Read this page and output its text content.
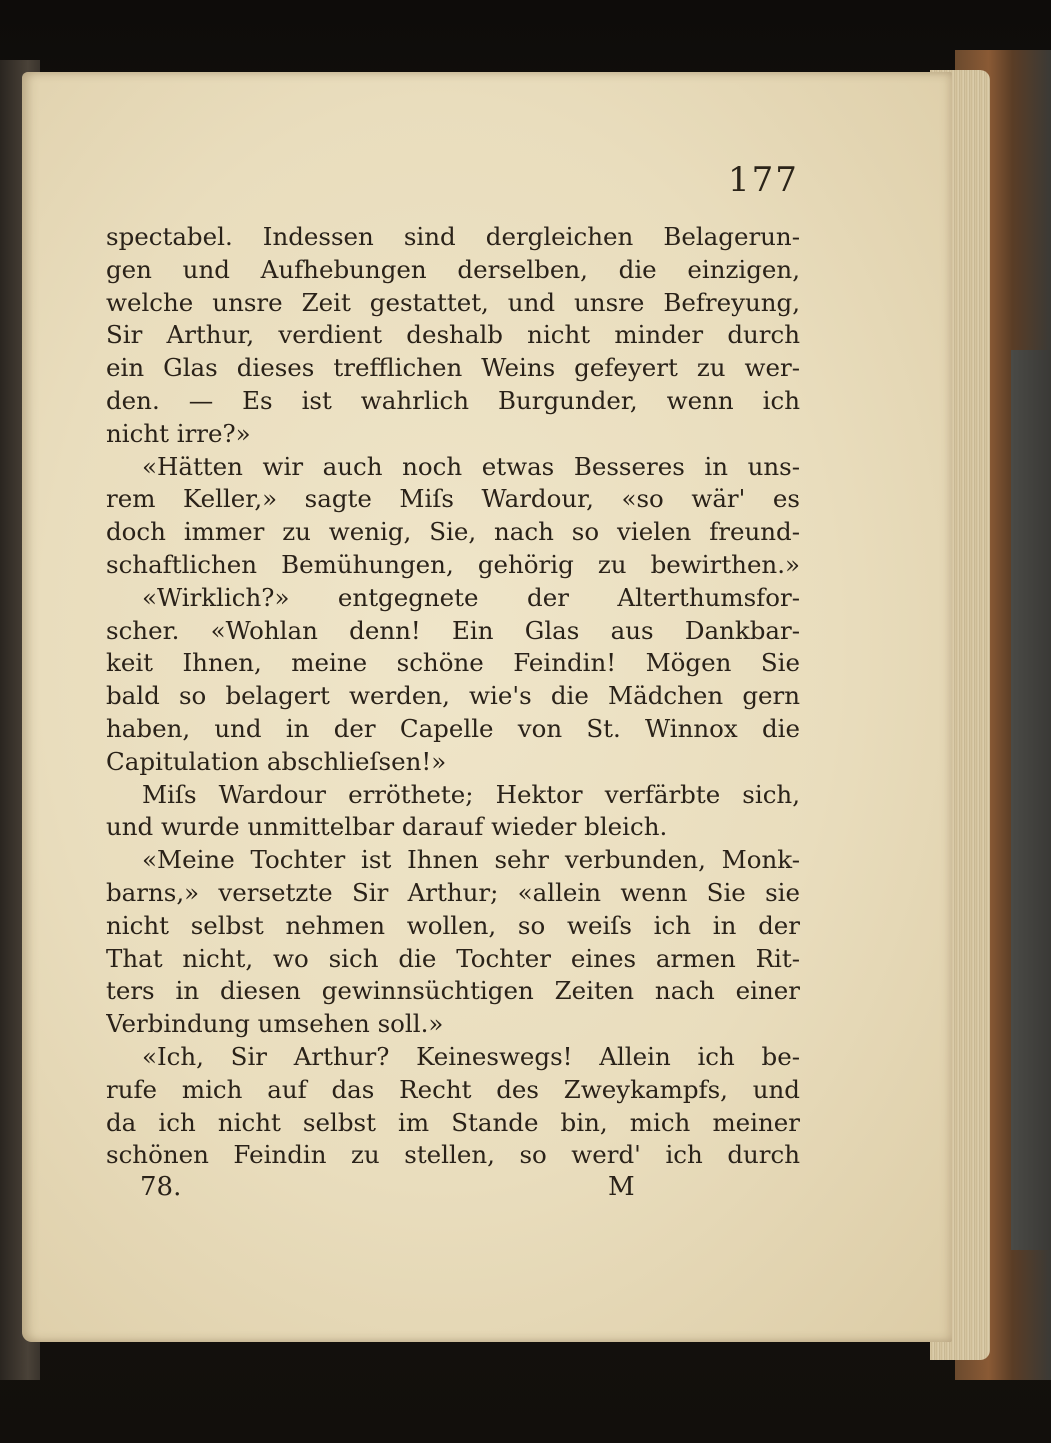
177
spectabel. Indessen sind dergleichen Belagerun-
gen und Aufhebungen derselben, die einzigen,
welche unsre Zeit gestattet, und unsre Befreyung,
Sir Arthur, verdient deshalb nicht minder durch
ein Glas dieses trefflichen Weins gefeyert zu wer-
den. — Es ist wahrlich Burgunder, wenn ich
nicht irre?»
«Hätten wir auch noch etwas Besseres in uns-
rem Keller,» sagte Miſs Wardour, «so wär' es
doch immer zu wenig, Sie, nach so vielen freund-
schaftlichen Bemühungen, gehörig zu bewirthen.»
«Wirklich?» entgegnete der Alterthumsfor-
scher. «Wohlan denn! Ein Glas aus Dankbar-
keit Ihnen, meine schöne Feindin! Mögen Sie
bald so belagert werden, wie's die Mädchen gern
haben, und in der Capelle von St. Winnox die
Capitulation abschlieſsen!»
Miſs Wardour erröthete; Hektor verfärbte sich,
und wurde unmittelbar darauf wieder bleich.
«Meine Tochter ist Ihnen sehr verbunden, Monk-
barns,» versetzte Sir Arthur; «allein wenn Sie sie
nicht selbst nehmen wollen, so weiſs ich in der
That nicht, wo sich die Tochter eines armen Rit-
ters in diesen gewinnsüchtigen Zeiten nach einer
Verbindung umsehen soll.»
«Ich, Sir Arthur? Keineswegs! Allein ich be-
rufe mich auf das Recht des Zweykampfs, und
da ich nicht selbst im Stande bin, mich meiner
schönen Feindin zu stellen, so werd' ich durch
78.	M
